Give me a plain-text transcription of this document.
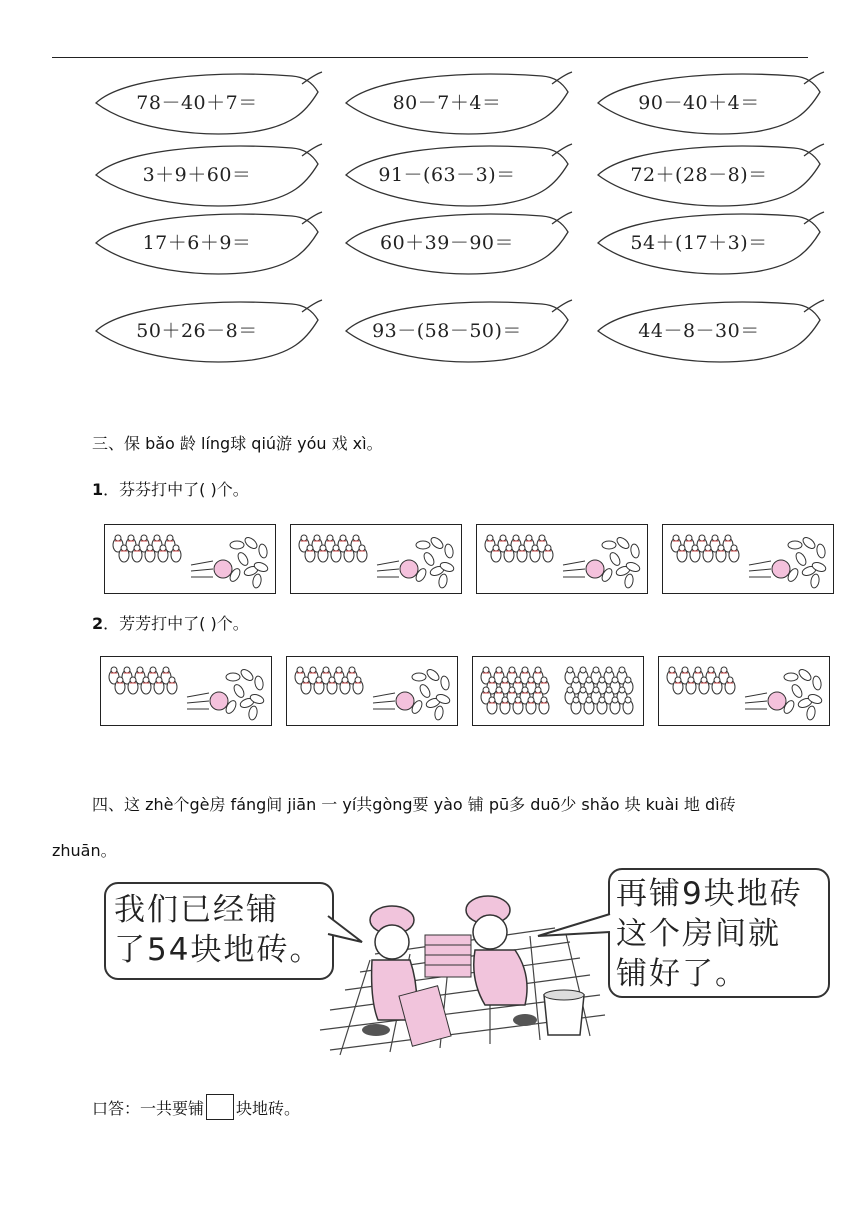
78－40＋7＝	80－7＋4＝	90－40＋4＝
3＋9＋60＝	91－(63－3)＝	72＋(28－8)＝
17＋6＋9＝	60＋39－90＝	54＋(17＋3)＝
50＋26－8＝	93－(58－50)＝	44－8－30＝
三、保 bǎo 龄 líng球 qiú游 yóu 戏 xì。
1．芬芬打中了( )个。
2．芳芳打中了( )个。
四、这 zhè个gè房 fáng间 jiān 一 yí共gòng要 yào 铺 pū多 duō少 shǎo 块 kuài 地 dì砖
zhuān。
我们已经铺
了54块地砖。
再铺9块地砖
这个房间就
铺好了。
口答：一共要铺 块地砖。
